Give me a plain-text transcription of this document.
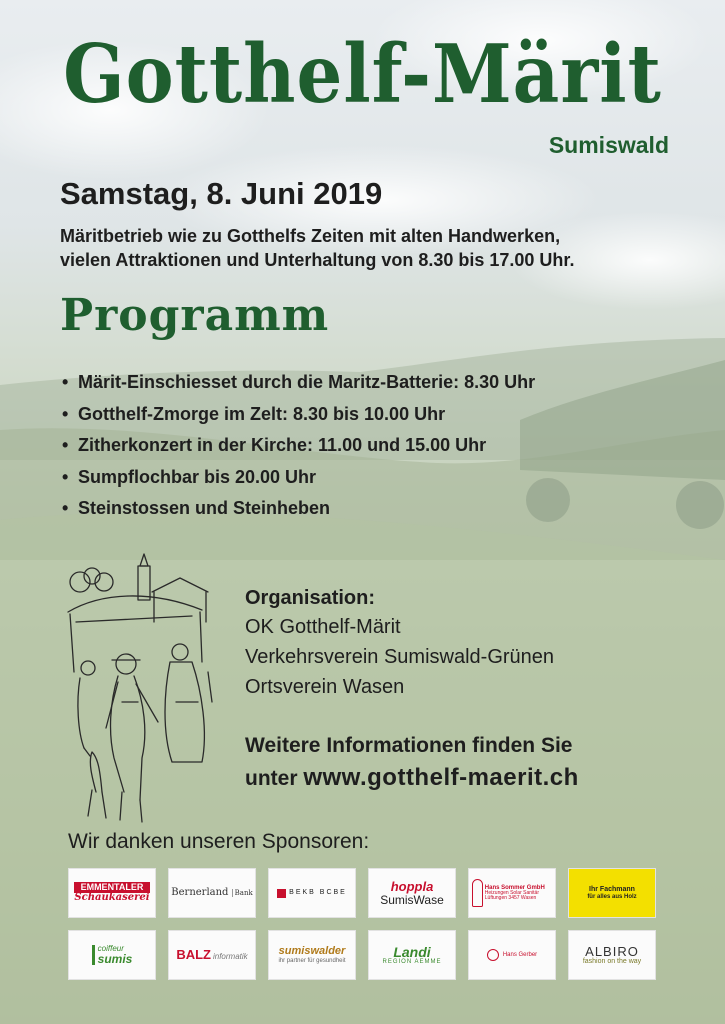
Gotthelf-Märit
Sumiswald
Samstag, 8. Juni 2019
Märitbetrieb wie zu Gotthelfs Zeiten mit alten Handwerken,
vielen Attraktionen und Unterhaltung von 8.30 bis 17.00 Uhr.
Programm
• Märit-Einschiesset durch die Maritz-Batterie: 8.30 Uhr
• Gotthelf-Zmorge im Zelt: 8.30 bis 10.00 Uhr
• Zitherkonzert in der Kirche: 11.00 und 15.00 Uhr
• Sumpflochbar bis 20.00 Uhr
• Steinstossen und Steinheben
Organisation:
OK Gotthelf-Märit
Verkehrsverein Sumiswald-Grünen
Ortsverein Wasen
Weitere Informationen finden Sie
unter www.gotthelf-maerit.ch
Wir danken unseren Sponsoren:
EMMENTALER
Schaukäserei
Bernerland Bank	BEKB BCBE	hoppla
SumisWase
Hans Sommer GmbH
Heizungen Solar Sanitär Lüftungen 3457 Wasen
Ihr Fachmann
für alles aus Holz
coiffeur
sumis	BALZ informatik	sumiswalder
ihr partner für gesundheit
Landi
REGION AEMME
Hans Gerber	ALBIRO
fashion on the way
